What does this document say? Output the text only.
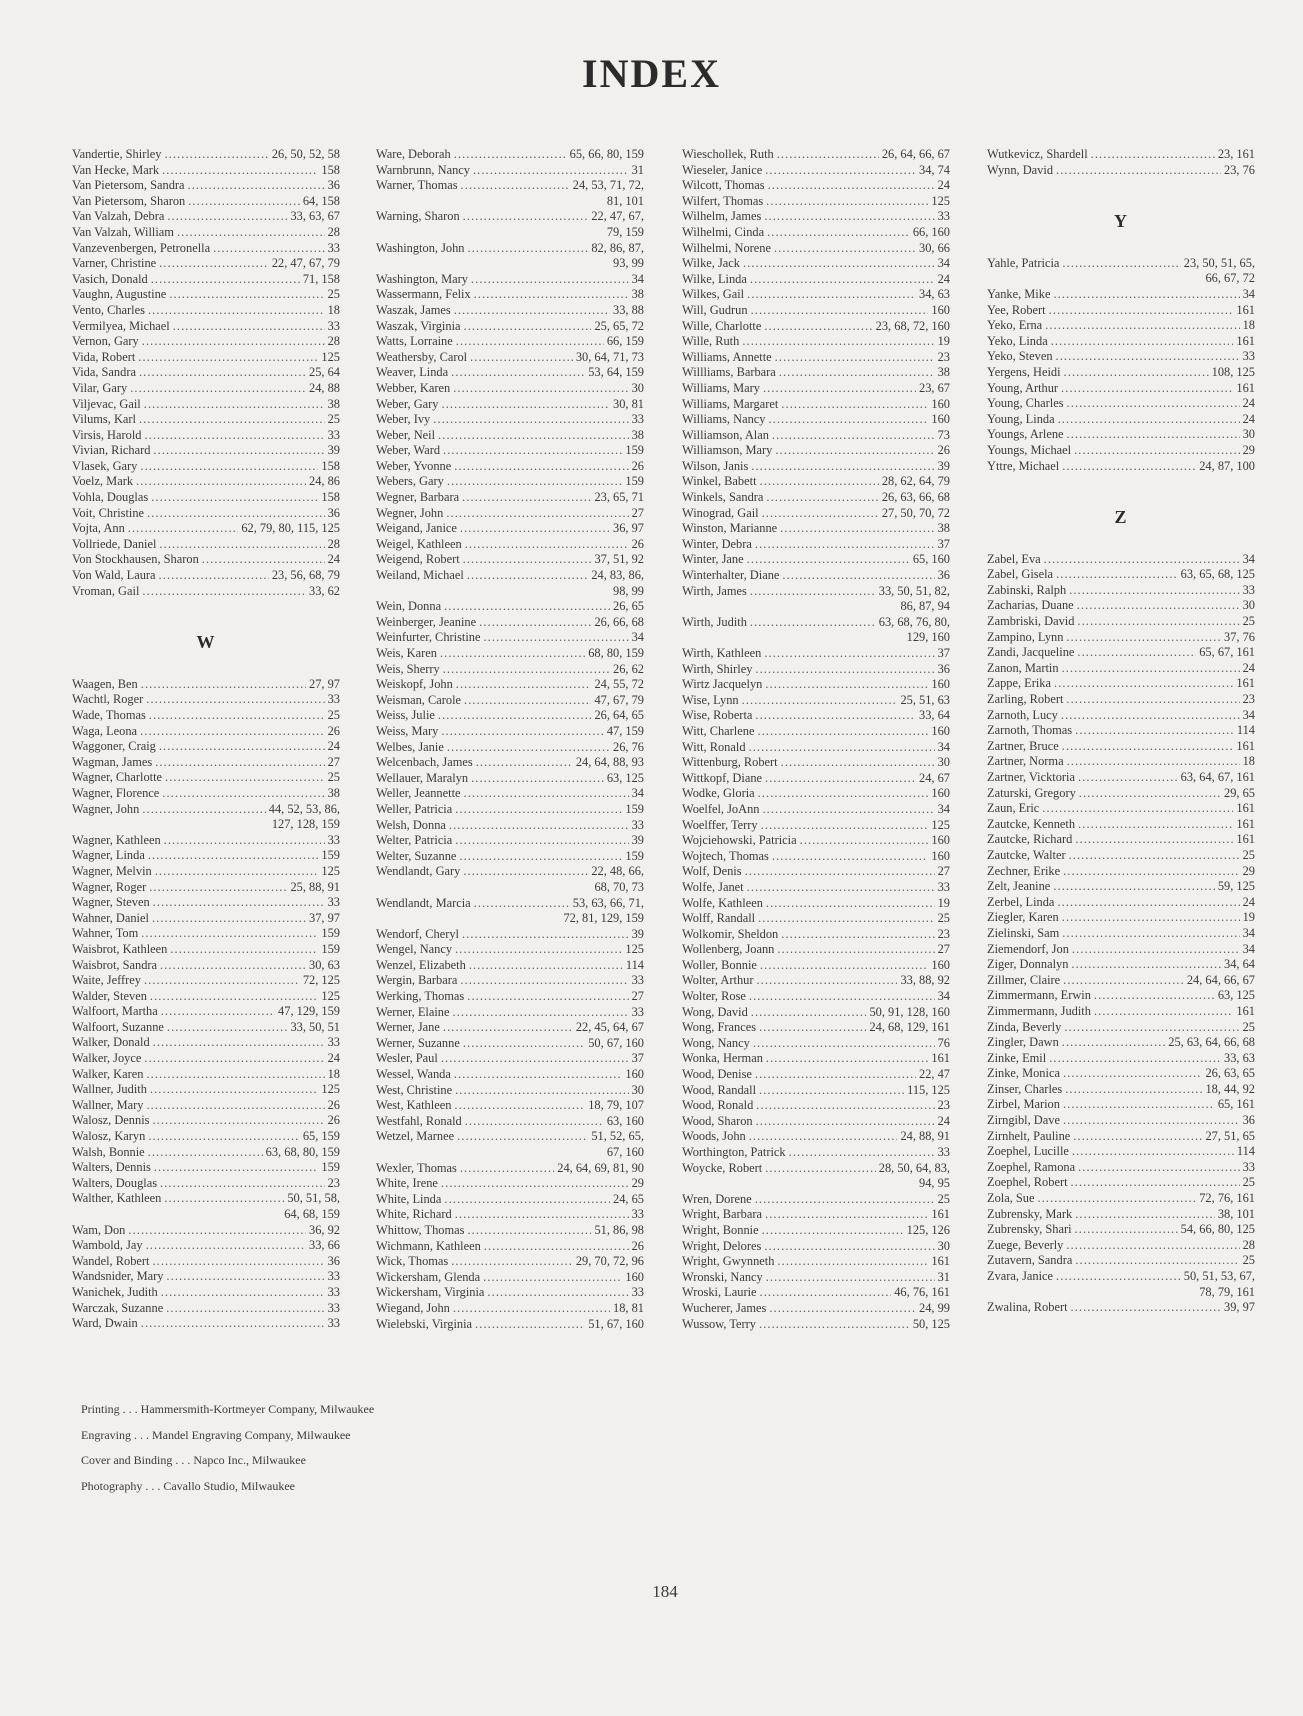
INDEX
Vandertie, Shirley . . .	26, 50, 52, 58
Van Hecke, Mark . . .	158
Van Pietersom, Sandra . . .	36
Van Pietersom, Sharon . . .	64, 158
Van Valzah, Debra . . .	33, 63, 67
Van Valzah, William . . .	28
Vanzevenbergen, Petronella . . .	33
Varner, Christine . . .	22, 47, 67, 79
Vasich, Donald . . .	71, 158
Vaughn, Augustine . . .	25
Vento, Charles . . .	18
Vermilyea, Michael . . .	33
Vernon, Gary . . .	28
Vida, Robert . . .	125
Vida, Sandra . . .	25, 64
Vilar, Gary . . .	24, 88
Viljevac, Gail . . .	38
Vilums, Karl . . .	25
Virsis, Harold . . .	33
Vivian, Richard . . .	39
Vlasek, Gary . . .	158
Voelz, Mark . . .	24, 86
Vohla, Douglas . . .	158
Voit, Christine . . .	36
Vojta, Ann . . .	62, 79, 80, 115, 125
Vollriede, Daniel . . .	28
Von Stockhausen, Sharon . . .	24
Von Wald, Laura . . .	23, 56, 68, 79
Vroman, Gail . . .	33, 62
W
Waagen, Ben . . .	27, 97
Wachtl, Roger . . .	33
Wade, Thomas . . .	25
Waga, Leona . . .	26
Waggoner, Craig . . .	24
Wagman, James . . .	27
Wagner, Charlotte . . .	25
Wagner, Florence . . .	38
Wagner, John . . .	44, 52, 53, 86,
127, 128, 159
Wagner, Kathleen . . .	33
Wagner, Linda . . .	159
Wagner, Melvin . . .	125
Wagner, Roger . . .	25, 88, 91
Wagner, Steven . . .	33
Wahner, Daniel . . .	37, 97
Wahner, Tom . . .	159
Waisbrot, Kathleen . . .	159
Waisbrot, Sandra . . .	30, 63
Waite, Jeffrey . . .	72, 125
Walder, Steven . . .	125
Walfoort, Martha . . .	47, 129, 159
Walfoort, Suzanne . . .	33, 50, 51
Walker, Donald . . .	33
Walker, Joyce . . .	24
Walker, Karen . . .	18
Wallner, Judith . . .	125
Wallner, Mary . . .	26
Walosz, Dennis . . .	26
Walosz, Karyn . . .	65, 159
Walsh, Bonnie . . .	63, 68, 80, 159
Walters, Dennis . . .	159
Walters, Douglas . . .	23
Walther, Kathleen . . .	50, 51, 58,
64, 68, 159
Wam, Don . . .	36, 92
Wambold, Jay . . .	33, 66
Wandel, Robert . . .	36
Wandsnider, Mary . . .	33
Wanichek, Judith . . .	33
Warczak, Suzanne . . .	33
Ward, Dwain . . .	33
Ware, Deborah . . .	65, 66, 80, 159
Warnbrunn, Nancy . . .	31
Warner, Thomas . . .	24, 53, 71, 72,
81, 101
Warning, Sharon . . .	22, 47, 67,
79, 159
Washington, John . . .	82, 86, 87,
93, 99
Washington, Mary . . .	34
Wassermann, Felix . . .	38
Waszak, James . . .	33, 88
Waszak, Virginia . . .	25, 65, 72
Watts, Lorraine . . .	66, 159
Weathersby, Carol . . .	30, 64, 71, 73
Weaver, Linda . . .	53, 64, 159
Webber, Karen . . .	30
Weber, Gary . . .	30, 81
Weber, Ivy . . .	33
Weber, Neil . . .	38
Weber, Ward . . .	159
Weber, Yvonne . . .	26
Webers, Gary . . .	159
Wegner, Barbara . . .	23, 65, 71
Wegner, John . . .	27
Weigand, Janice . . .	36, 97
Weigel, Kathleen . . .	26
Weigend, Robert . . .	37, 51, 92
Weiland, Michael . . .	24, 83, 86,
98, 99
Wein, Donna . . .	26, 65
Weinberger, Jeanine . . .	26, 66, 68
Weinfurter, Christine . . .	34
Weis, Karen . . .	68, 80, 159
Weis, Sherry . . .	26, 62
Weiskopf, John . . .	24, 55, 72
Weisman, Carole . . .	47, 67, 79
Weiss, Julie . . .	26, 64, 65
Weiss, Mary . . .	47, 159
Welbes, Janie . . .	26, 76
Welcenbach, James . . .	24, 64, 88, 93
Wellauer, Maralyn . . .	63, 125
Weller, Jeannette . . .	34
Weller, Patricia . . .	159
Welsh, Donna . . .	33
Welter, Patricia . . .	39
Welter, Suzanne . . .	159
Wendlandt, Gary . . .	22, 48, 66,
68, 70, 73
Wendlandt, Marcia . . .	53, 63, 66, 71,
72, 81, 129, 159
Wendorf, Cheryl . . .	39
Wengel, Nancy . . .	125
Wenzel, Elizabeth . . .	114
Wergin, Barbara . . .	33
Werking, Thomas . . .	27
Werner, Elaine . . .	33
Werner, Jane . . .	22, 45, 64, 67
Werner, Suzanne . . .	50, 67, 160
Wesler, Paul . . .	37
Wessel, Wanda . . .	160
West, Christine . . .	30
West, Kathleen . . .	18, 79, 107
Westfahl, Ronald . . .	63, 160
Wetzel, Marnee . . .	51, 52, 65,
67, 160
Wexler, Thomas . . .	24, 64, 69, 81, 90
White, Irene . . .	29
White, Linda . . .	24, 65
White, Richard . . .	33
Whittow, Thomas . . .	51, 86, 98
Wichmann, Kathleen . . .	26
Wick, Thomas . . .	29, 70, 72, 96
Wickersham, Glenda . . .	160
Wickersham, Virginia . . .	33
Wiegand, John . . .	18, 81
Wielebski, Virginia . . .	51, 67, 160
Wieschollek, Ruth . . .	26, 64, 66, 67
Wieseler, Janice . . .	34, 74
Wilcott, Thomas . . .	24
Wilfert, Thomas . . .	125
Wilhelm, James . . .	33
Wilhelmi, Cinda . . .	66, 160
Wilhelmi, Norene . . .	30, 66
Wilke, Jack . . .	34
Wilke, Linda . . .	24
Wilkes, Gail . . .	34, 63
Will, Gudrun . . .	160
Wille, Charlotte . . .	23, 68, 72, 160
Wille, Ruth . . .	19
Williams, Annette . . .	23
Willliams, Barbara . . .	38
Williams, Mary . . .	23, 67
Williams, Margaret . . .	160
Williams, Nancy . . .	160
Williamson, Alan . . .	73
Williamson, Mary . . .	26
Wilson, Janis . . .	39
Winkel, Babett . . .	28, 62, 64, 79
Winkels, Sandra . . .	26, 63, 66, 68
Winograd, Gail . . .	27, 50, 70, 72
Winston, Marianne . . .	38
Winter, Debra . . .	37
Winter, Jane . . .	65, 160
Winterhalter, Diane . . .	36
Wirth, James . . .	33, 50, 51, 82,
86, 87, 94
Wirth, Judith . . .	63, 68, 76, 80,
129, 160
Wirth, Kathleen . . .	37
Wirth, Shirley . . .	36
Wirtz Jacquelyn . . .	160
Wise, Lynn . . .	25, 51, 63
Wise, Roberta . . .	33, 64
Witt, Charlene . . .	160
Witt, Ronald . . .	34
Wittenburg, Robert . . .	30
Wittkopf, Diane . . .	24, 67
Wodke, Gloria . . .	160
Woelfel, JoAnn . . .	34
Woelffer, Terry . . .	125
Wojciehowski, Patricia . . .	160
Wojtech, Thomas . . .	160
Wolf, Denis . . .	27
Wolfe, Janet . . .	33
Wolfe, Kathleen . . .	19
Wolff, Randall . . .	25
Wolkomir, Sheldon . . .	23
Wollenberg, Joann . . .	27
Woller, Bonnie . . .	160
Wolter, Arthur . . .	33, 88, 92
Wolter, Rose . . .	34
Wong, David . . .	50, 91, 128, 160
Wong, Frances . . .	24, 68, 129, 161
Wong, Nancy . . .	76
Wonka, Herman . . .	161
Wood, Denise . . .	22, 47
Wood, Randall . . .	115, 125
Wood, Ronald . . .	23
Wood, Sharon . . .	24
Woods, John . . .	24, 88, 91
Worthington, Patrick . . .	33
Woycke, Robert . . .	28, 50, 64, 83,
94, 95
Wren, Dorene . . .	25
Wright, Barbara . . .	161
Wright, Bonnie . . .	125, 126
Wright, Delores . . .	30
Wright, Gwynneth . . .	161
Wronski, Nancy . . .	31
Wroski, Laurie . . .	46, 76, 161
Wucherer, James . . .	24, 99
Wussow, Terry . . .	50, 125
Wutkevicz, Shardell . . .	23, 161
Wynn, David . . .	23, 76
Y
Yahle, Patricia . . .	23, 50, 51, 65,
66, 67, 72
Yanke, Mike . . .	34
Yee, Robert . . .	161
Yeko, Erna . . .	18
Yeko, Linda . . .	161
Yeko, Steven . . .	33
Yergens, Heidi . . .	108, 125
Young, Arthur . . .	161
Young, Charles . . .	24
Young, Linda . . .	24
Youngs, Arlene . . .	30
Youngs, Michael . . .	29
Yttre, Michael . . .	24, 87, 100
Z
Zabel, Eva . . .	34
Zabel, Gisela . . .	63, 65, 68, 125
Zabinski, Ralph . . .	33
Zacharias, Duane . . .	30
Zambriski, David . . .	25
Zampino, Lynn . . .	37, 76
Zandi, Jacqueline . . .	65, 67, 161
Zanon, Martin . . .	24
Zappe, Erika . . .	161
Zarling, Robert . . .	23
Zarnoth, Lucy . . .	34
Zarnoth, Thomas . . .	114
Zartner, Bruce . . .	161
Zartner, Norma . . .	18
Zartner, Vicktoria . . .	63, 64, 67, 161
Zaturski, Gregory . . .	29, 65
Zaun, Eric . . .	161
Zautcke, Kenneth . . .	161
Zautcke, Richard . . .	161
Zautcke, Walter . . .	25
Zechner, Erike . . .	29
Zelt, Jeanine . . .	59, 125
Zerbel, Linda . . .	24
Ziegler, Karen . . .	19
Zielinski, Sam . . .	34
Ziemendorf, Jon . . .	34
Ziger, Donnalyn . . .	34, 64
Zillmer, Claire . . .	24, 64, 66, 67
Zimmermann, Erwin . . .	63, 125
Zimmermann, Judith . . .	161
Zinda, Beverly . . .	25
Zingler, Dawn . . .	25, 63, 64, 66, 68
Zinke, Emil . . .	33, 63
Zinke, Monica . . .	26, 63, 65
Zinser, Charles . . .	18, 44, 92
Zirbel, Marion . . .	65, 161
Zirngibl, Dave . . .	36
Zirnhelt, Pauline . . .	27, 51, 65
Zoephel, Lucille . . .	114
Zoephel, Ramona . . .	33
Zoephel, Robert . . .	25
Zola, Sue . . .	72, 76, 161
Zubrensky, Mark . . .	38, 101
Zubrensky, Shari . . .	54, 66, 80, 125
Zuege, Beverly . . .	28
Zutavern, Sandra . . .	25
Zvara, Janice . . .	50, 51, 53, 67,
78, 79, 161
Zwalina, Robert . . .	39, 97
Printing . . . Hammersmith-Kortmeyer Company, Milwaukee
Engraving . . . Mandel Engraving Company, Milwaukee
Cover and Binding . . . Napco Inc., Milwaukee
Photography . . . Cavallo Studio, Milwaukee
184
